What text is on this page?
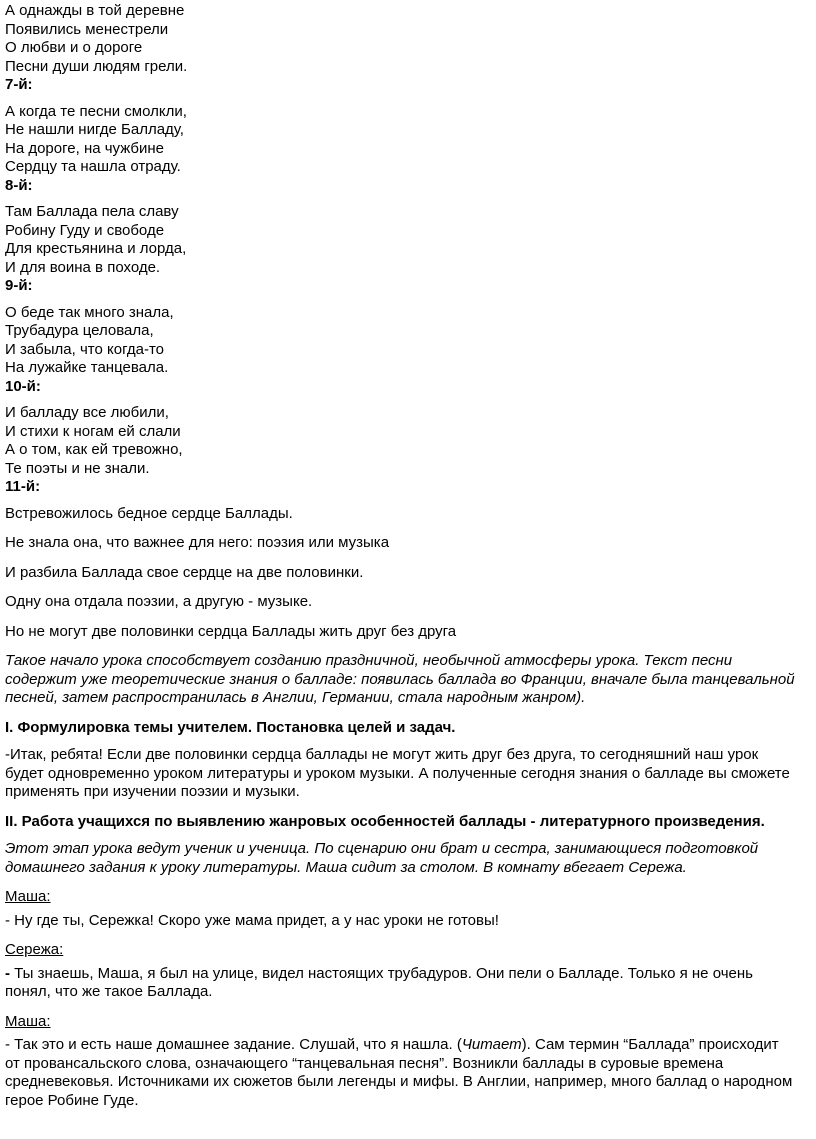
А однажды в той деревне
Появились менестрели
О любви и о дороге
Песни души людям грели.
7-й:
А когда те песни смолкли,
Не нашли нигде Балладу,
На дороге, на чужбине
Сердцу та нашла отраду.
8-й:
Там Баллада пела славу
Робину Гуду и свободе
Для крестьянина и лорда,
И для воина в походе.
9-й:
О беде так много знала,
Трубадура целовала,
И забыла, что когда-то
На лужайке танцевала.
10-й:
И балладу все любили,
И стихи к ногам ей слали
А о том, как ей тревожно,
Те поэты и не знали.
11-й:

Встревожилось бедное сердце Баллады.

Не знала она, что важнее для него: поэзия или музыка

И разбила Баллада свое сердце на две половинки.

Одну она отдала поэзии, а другую - музыке.

Но не могут две половинки сердца Баллады жить друг без друга

Такое начало урока способствует созданию праздничной, необычной атмосферы урока. Текст песни содержит уже теоретические знания о балладе: появилась баллада во Франции, вначале была танцевальной песней, затем распространилась в Англии, Германии, стала народным жанром).

I. Формулировка темы учителем. Постановка целей и задач.

-Итак, ребята! Если две половинки сердца баллады не могут жить друг без друга, то сегодняшний наш урок будет одновременно уроком литературы и уроком музыки. А полученные сегодня знания о балладе вы сможете применять при изучении поэзии и музыки.

II. Работа учащихся по выявлению жанровых особенностей баллады - литературного произведения.

Этот этап урока ведут ученик и ученица. По сценарию они брат и сестра, занимающиеся подготовкой домашнего задания к уроку литературы. Маша сидит за столом. В комнату вбегает Сережа.

Маша:

- Ну где ты, Сережка! Скоро уже мама придет, а у нас уроки не готовы!

Сережа:

- Ты знаешь, Маша, я был на улице, видел настоящих трубадуров. Они пели о Балладе. Только я не очень понял, что же такое Баллада.

Маша:

- Так это и есть наше домашнее задание. Слушай, что я нашла. (Читает). Сам термин “Баллада” происходит от провансальского слова, означающего “танцевальная песня”. Возникли баллады в суровые времена средневековья. Источниками их сюжетов были легенды и мифы. В Англии, например, много баллад о народном герое Робине Гуде.
